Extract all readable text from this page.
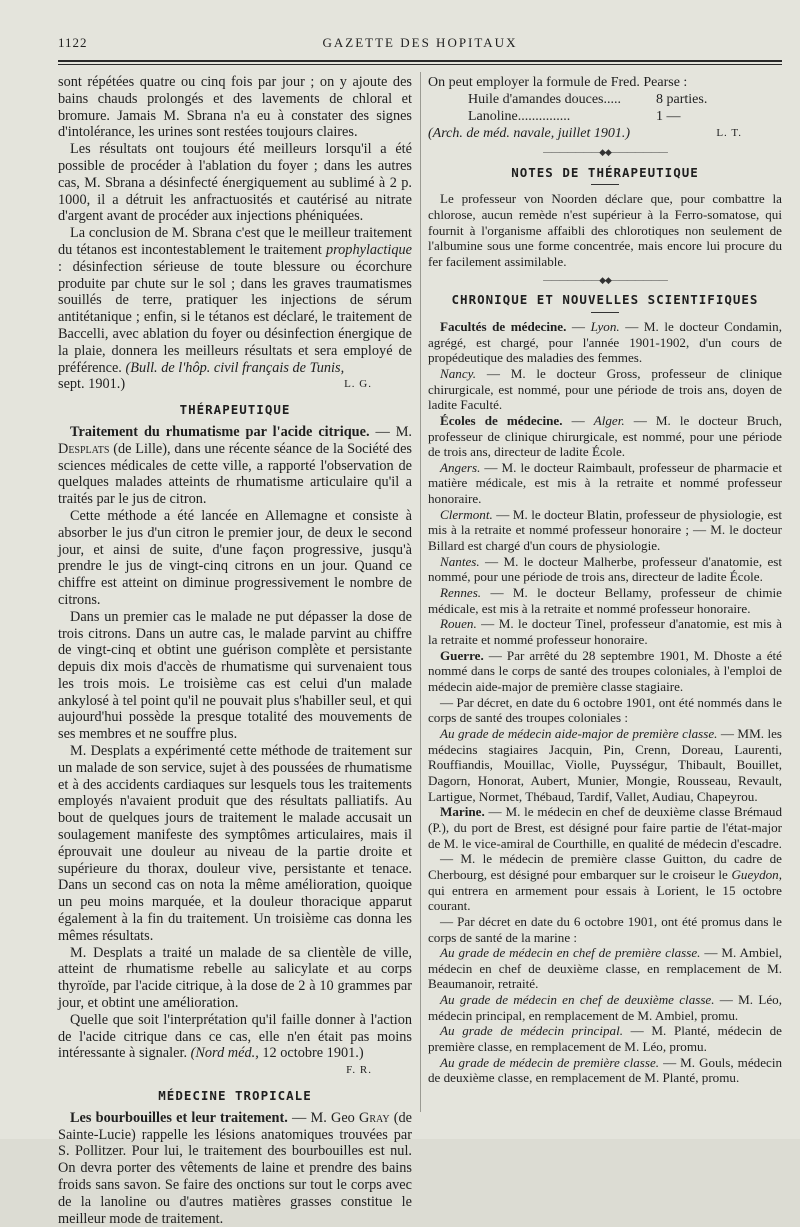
1122	GAZETTE DES HOPITAUX

sont répétées quatre ou cinq fois par jour ; on y ajoute des bains chauds prolongés et des lavements de chloral et bromure. Jamais M. Sbrana n'a eu à constater des signes d'intolérance, les urines sont restées toujours claires.

Les résultats ont toujours été meilleurs lorsqu'il a été possible de procéder à l'ablation du foyer ; dans les autres cas, M. Sbrana a désinfecté énergiquement au sublimé à 2 p. 1000, il a détruit les anfractuosités et cautérisé au nitrate d'argent avant de procéder aux injections phéniquées.

La conclusion de M. Sbrana c'est que le meilleur traitement du tétanos est incontestablement le traitement prophylactique : désinfection sérieuse de toute blessure ou écorchure produite par chute sur le sol ; dans les graves traumatismes souillés de terre, pratiquer les injections de sérum antitétanique ; enfin, si le tétanos est déclaré, le traitement de Baccelli, avec ablation du foyer ou désinfection énergique de la plaie, donnera les meilleurs résultats et sera employé de préférence. (Bull. de l'hôp. civil français de Tunis,

sept. 1901.)	L. G.
THÉRAPEUTIQUE

Traitement du rhumatisme par l'acide citrique. — M. Desplats (de Lille), dans une récente séance de la Société des sciences médicales de cette ville, a rapporté l'observation de quelques malades atteints de rhumatisme articulaire qu'il a traités par le jus de citron.

Cette méthode a été lancée en Allemagne et consiste à absorber le jus d'un citron le premier jour, de deux le second jour, et ainsi de suite, d'une façon progressive, jusqu'à prendre le jus de vingt-cinq citrons en un jour. Quand ce chiffre est atteint on diminue progressivement le nombre de citrons.

Dans un premier cas le malade ne put dépasser la dose de trois citrons. Dans un autre cas, le malade parvint au chiffre de vingt-cinq et obtint une guérison complète et persistante depuis dix mois d'accès de rhumatisme qui survenaient tous les trois mois. Le troisième cas est celui d'un malade ankylosé à tel point qu'il ne pouvait plus s'habiller seul, et qui aujourd'hui possède la presque totalité des mouvements de ses membres et ne souffre plus.

M. Desplats a expérimenté cette méthode de traitement sur un malade de son service, sujet à des poussées de rhumatisme et à des accidents cardiaques sur lesquels tous les traitements employés n'avaient produit que des résultats palliatifs. Au bout de quelques jours de traitement le malade accusait un soulagement manifeste des symptômes articulaires, mais il éprouvait une douleur au niveau de la partie droite et supérieure du thorax, douleur vive, persistante et tenace. Dans un second cas on nota la même amélioration, quoique un peu moins marquée, et la douleur thoracique apparut également à la fin du traitement. Un troisième cas donna les mêmes résultats.

M. Desplats a traité un malade de sa clientèle de ville, atteint de rhumatisme rebelle au salicylate et au corps thyroïde, par l'acide citrique, à la dose de 2 à 10 grammes par jour, et obtint une amélioration.

Quelle que soit l'interprétation qu'il faille donner à l'action de l'acide citrique dans ce cas, elle n'en était pas moins intéressante à signaler. (Nord méd., 12 octobre 1901.)

F. R.
MÉDECINE TROPICALE

Les bourbouilles et leur traitement. — M. Geo Gray (de Sainte-Lucie) rappelle les lésions anatomiques trouvées par S. Pollitzer. Pour lui, le traitement des bourbouilles est nul. On devra porter des vêtements de laine et prendre des bains froids sans savon. Se faire des onctions sur tout le corps avec de la lanoline ou d'autres matières grasses constitue le meilleur mode de traitement.

On peut employer la formule de Fred. Pearse :

Huile d'amandes douces.....	8 parties.
Lanoline...............	1 —
(Arch. de méd. navale, juillet 1901.)	L. T.
———————◆◆———————
NOTES DE THÉRAPEUTIQUE

Le professeur von Noorden déclare que, pour combattre la chlorose, aucun remède n'est supérieur à la Ferro-somatose, qui fournit à l'organisme affaibli des chlorotiques non seulement de l'albumine sous une forme concentrée, mais encore lui procure du fer facilement assimilable.

———————◆◆———————
CHRONIQUE ET NOUVELLES SCIENTIFIQUES

Facultés de médecine. — Lyon. — M. le docteur Condamin, agrégé, est chargé, pour l'année 1901-1902, d'un cours de propédeutique des maladies des femmes.

Nancy. — M. le docteur Gross, professeur de clinique chirurgicale, est nommé, pour une période de trois ans, doyen de ladite Faculté.

Écoles de médecine. — Alger. — M. le docteur Bruch, professeur de clinique chirurgicale, est nommé, pour une période de trois ans, directeur de ladite École.

Angers. — M. le docteur Raimbault, professeur de pharmacie et matière médicale, est mis à la retraite et nommé professeur honoraire.

Clermont. — M. le docteur Blatin, professeur de physiologie, est mis à la retraite et nommé professeur honoraire ; — M. le docteur Billard est chargé d'un cours de physiologie.

Nantes. — M. le docteur Malherbe, professeur d'anatomie, est nommé, pour une période de trois ans, directeur de ladite École.

Rennes. — M. le docteur Bellamy, professeur de chimie médicale, est mis à la retraite et nommé professeur honoraire.

Rouen. — M. le docteur Tinel, professeur d'anatomie, est mis à la retraite et nommé professeur honoraire.

Guerre. — Par arrêté du 28 septembre 1901, M. Dhoste a été nommé dans le corps de santé des troupes coloniales, à l'emploi de médecin aide-major de première classe stagiaire.

— Par décret, en date du 6 octobre 1901, ont été nommés dans le corps de santé des troupes coloniales :

Au grade de médecin aide-major de première classe. — MM. les médecins stagiaires Jacquin, Pin, Crenn, Doreau, Laurenti, Rouffiandis, Mouillac, Violle, Puysségur, Thibault, Bouillet, Dagorn, Honorat, Aubert, Munier, Mongie, Rousseau, Revault, Lartigue, Normet, Thébaud, Tardif, Vallet, Audiau, Chapeyrou.

Marine. — M. le médecin en chef de deuxième classe Brémaud (P.), du port de Brest, est désigné pour faire partie de l'état-major de M. le vice-amiral de Courthille, en qualité de médecin d'escadre.

— M. le médecin de première classe Guitton, du cadre de Cherbourg, est désigné pour embarquer sur le croiseur le Gueydon, qui entrera en armement pour essais à Lorient, le 15 octobre courant.

— Par décret en date du 6 octobre 1901, ont été promus dans le corps de santé de la marine :

Au grade de médecin en chef de première classe. — M. Ambiel, médecin en chef de deuxième classe, en remplacement de M. Beaumanoir, retraité.

Au grade de médecin en chef de deuxième classe. — M. Léo, médecin principal, en remplacement de M. Ambiel, promu.

Au grade de médecin principal. — M. Planté, médecin de première classe, en remplacement de M. Léo, promu.

Au grade de médecin de première classe. — M. Gouls, médecin de deuxième classe, en remplacement de M. Planté, promu.
